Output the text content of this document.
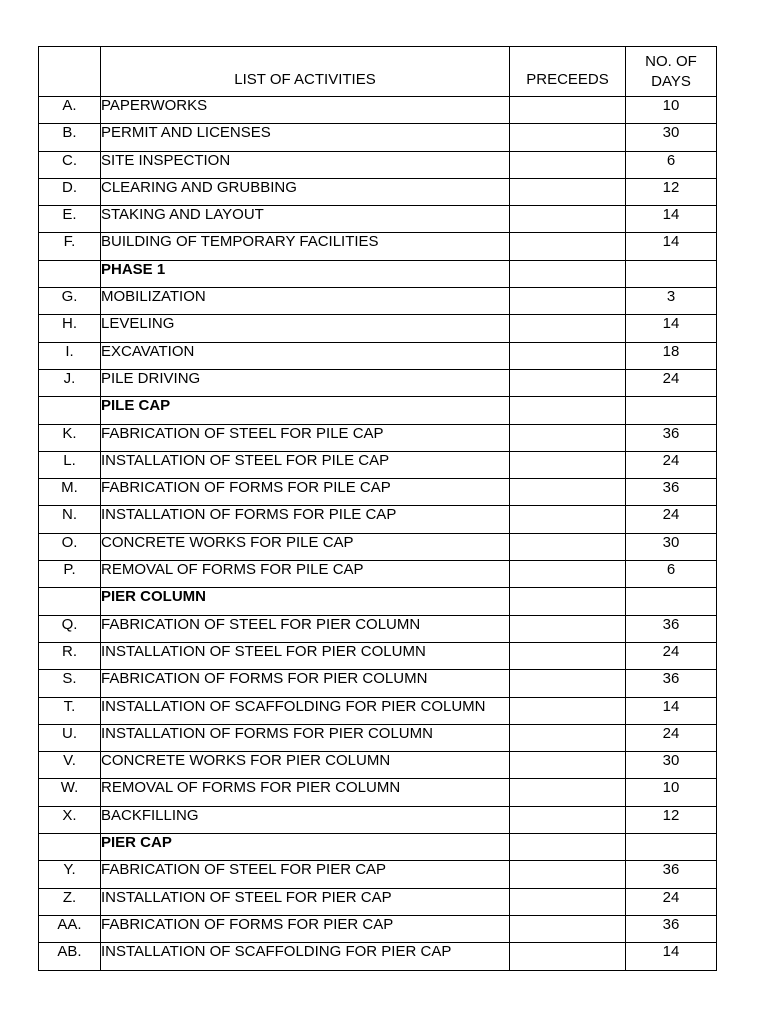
	LIST OF ACTIVITIES	PRECEEDS	NO. OF DAYS
A.	PAPERWORKS		10
B.	PERMIT AND LICENSES		30
C.	SITE INSPECTION		6
D.	CLEARING AND GRUBBING		12
E.	STAKING AND LAYOUT		14
F.	BUILDING OF TEMPORARY FACILITIES		14
	PHASE 1		
G.	MOBILIZATION		3
H.	LEVELING		14
I.	EXCAVATION		18
J.	PILE DRIVING		24
	PILE CAP		
K.	FABRICATION OF STEEL FOR PILE CAP		36
L.	INSTALLATION OF STEEL FOR PILE CAP		24
M.	FABRICATION OF FORMS FOR PILE CAP		36
N.	INSTALLATION OF FORMS FOR PILE CAP		24
O.	CONCRETE WORKS FOR PILE CAP		30
P.	REMOVAL OF FORMS FOR PILE CAP		6
	PIER COLUMN		
Q.	FABRICATION OF STEEL FOR PIER COLUMN		36
R.	INSTALLATION OF STEEL FOR PIER COLUMN		24
S.	FABRICATION OF FORMS FOR PIER COLUMN		36
T.	INSTALLATION OF SCAFFOLDING FOR PIER COLUMN		14
U.	INSTALLATION OF FORMS FOR PIER COLUMN		24
V.	CONCRETE WORKS FOR PIER COLUMN		30
W.	REMOVAL OF FORMS FOR PIER COLUMN		10
X.	BACKFILLING		12
	PIER CAP		
Y.	FABRICATION OF STEEL FOR PIER CAP		36
Z.	INSTALLATION OF STEEL FOR PIER CAP		24
AA.	FABRICATION OF FORMS FOR PIER CAP		36
AB.	INSTALLATION OF SCAFFOLDING FOR PIER CAP		14
